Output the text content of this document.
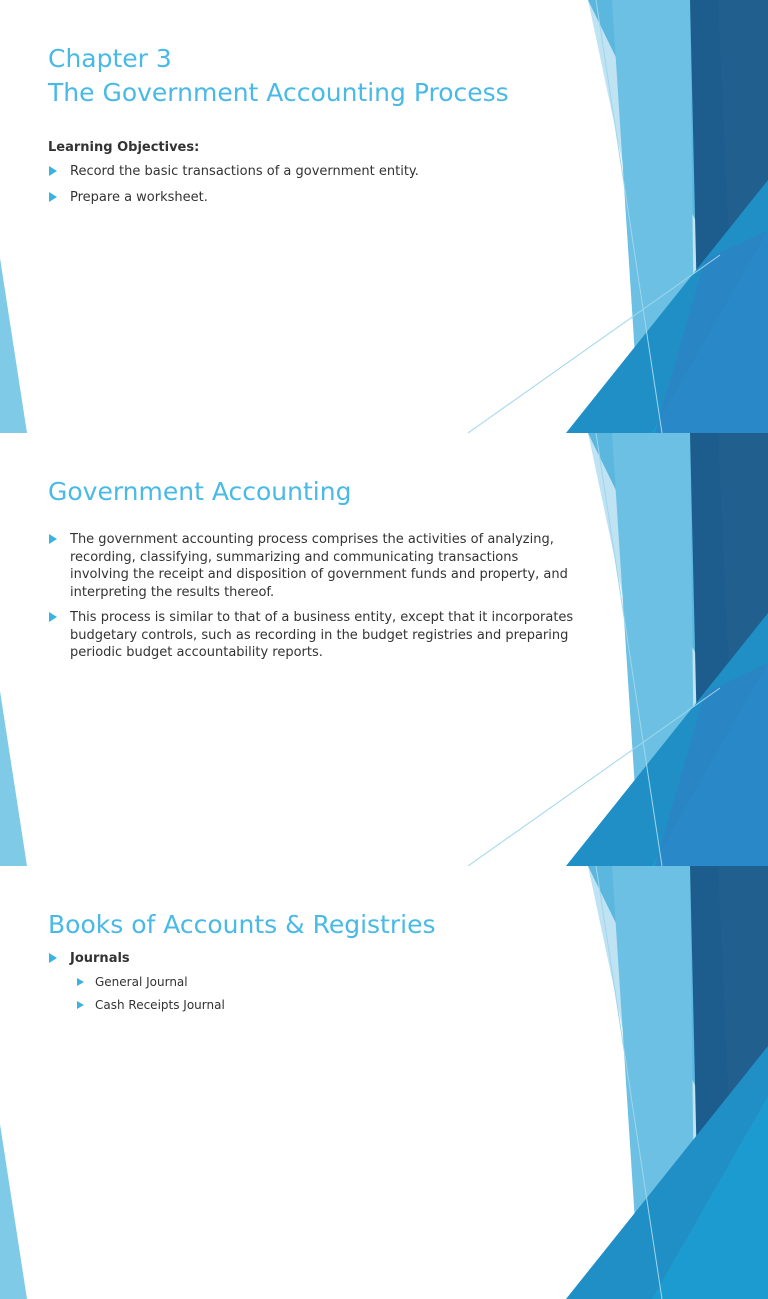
Chapter 3
The Government Accounting Process

Learning Objectives:

Record the basic transactions of a government entity.
Prepare a worksheet.
Government Accounting
The government accounting process comprises the activities of analyzing, recording, classifying, summarizing and communicating transactions involving the receipt and disposition of government funds and property, and interpreting the results thereof.
This process is similar to that of a business entity, except that it incorporates budgetary controls, such as recording in the budget registries and preparing periodic budget accountability reports.
Books of Accounts & Registries
Journals
General Journal
Cash Receipts Journal
